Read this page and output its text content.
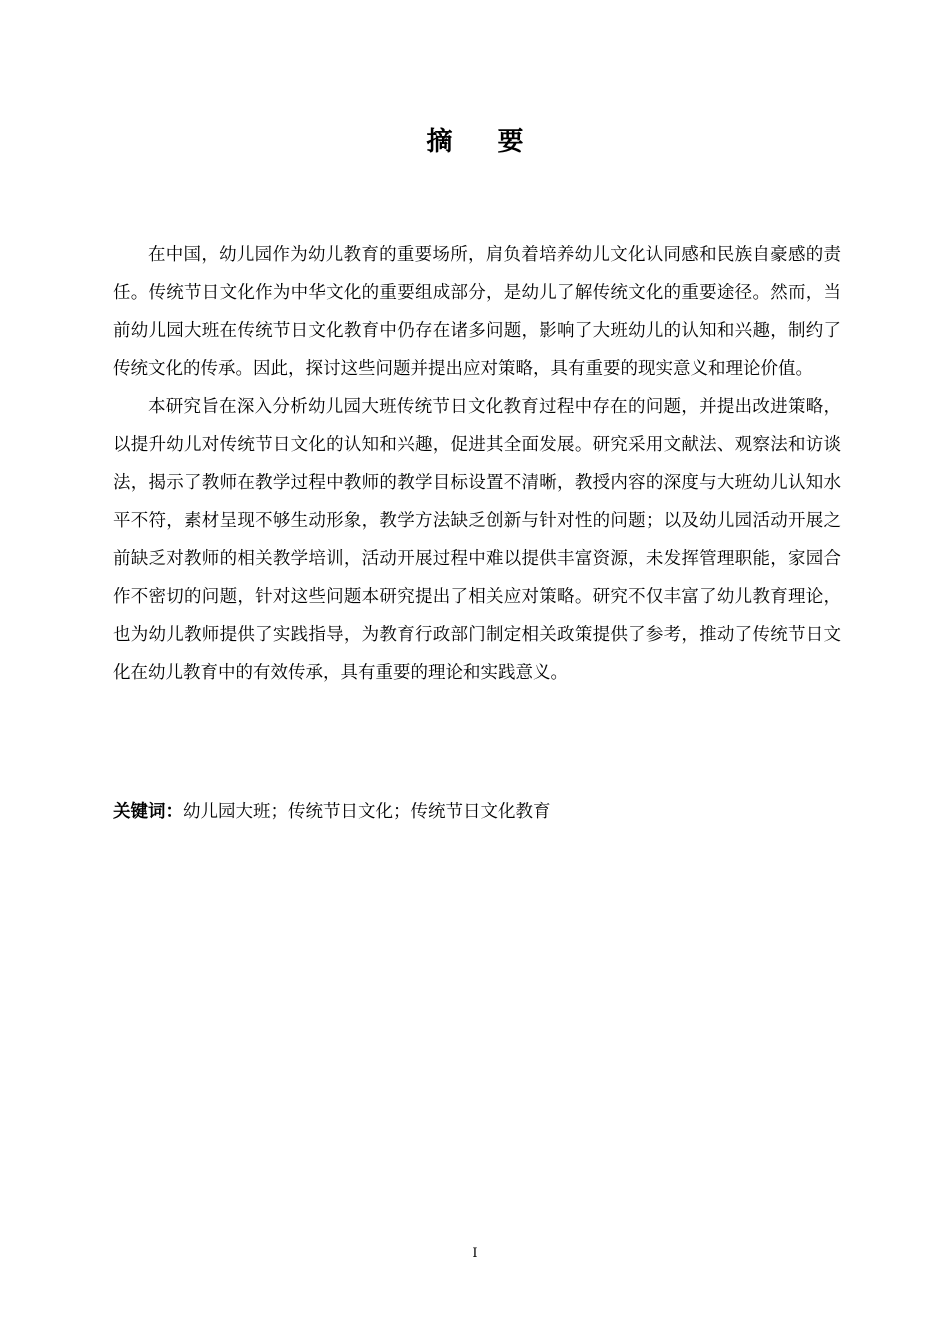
摘 要

在中国，幼儿园作为幼儿教育的重要场所，肩负着培养幼儿文化认同感和民族自豪感的责任。传统节日文化作为中华文化的重要组成部分，是幼儿了解传统文化的重要途径。然而，当前幼儿园大班在传统节日文化教育中仍存在诸多问题，影响了大班幼儿的认知和兴趣，制约了传统文化的传承。因此，探讨这些问题并提出应对策略，具有重要的现实意义和理论价值。

本研究旨在深入分析幼儿园大班传统节日文化教育过程中存在的问题，并提出改进策略，以提升幼儿对传统节日文化的认知和兴趣，促进其全面发展。研究采用文献法、观察法和访谈法，揭示了教师在教学过程中教师的教学目标设置不清晰，教授内容的深度与大班幼儿认知水平不符，素材呈现不够生动形象，教学方法缺乏创新与针对性的问题；以及幼儿园活动开展之前缺乏对教师的相关教学培训，活动开展过程中难以提供丰富资源，未发挥管理职能，家园合作不密切的问题，针对这些问题本研究提出了相关应对策略。研究不仅丰富了幼儿教育理论，也为幼儿教师提供了实践指导，为教育行政部门制定相关政策提供了参考，推动了传统节日文化在幼儿教育中的有效传承，具有重要的理论和实践意义。

关键词：幼儿园大班；传统节日文化；传统节日文化教育
I
